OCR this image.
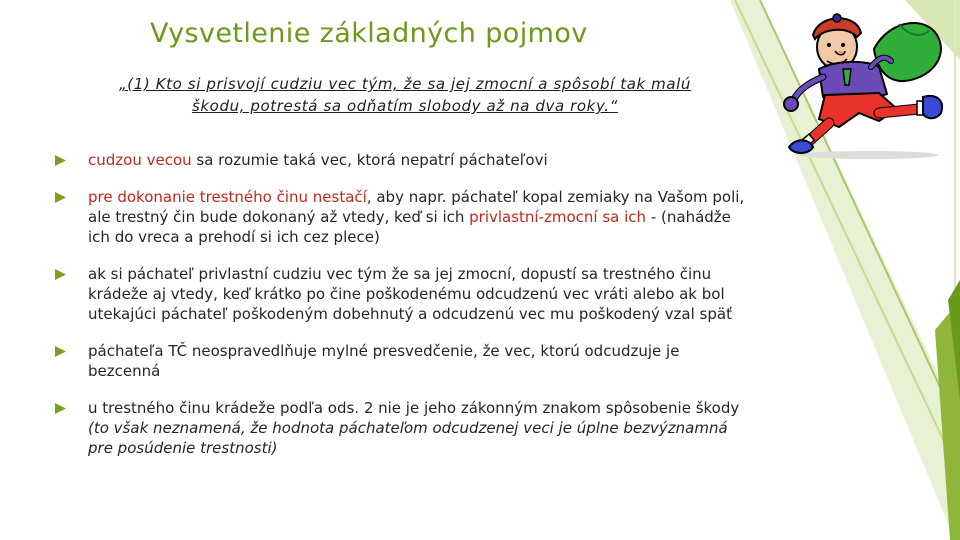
Vysvetlenie základných pojmov
„(1) Kto si prisvojí cudziu vec tým, že sa jej zmocní a spôsobí tak malú
škodu, potrestá sa odňatím slobody až na dva roky.“
cudzou vecou sa rozumie taká vec, ktorá nepatrí páchateľovi
pre dokonanie trestného činu nestačí, aby napr. páchateľ kopal zemiaky na Vašom poli, ale trestný čin bude dokonaný až vtedy, keď si ich privlastní-zmocní sa ich - (nahádže ich do vreca a prehodí si ich cez plece)
ak si páchateľ privlastní cudziu vec tým že sa jej zmocní, dopustí sa trestného činu krádeže aj vtedy, keď krátko po čine poškodenému odcudzenú vec vráti alebo ak bol utekajúci páchateľ poškodeným dobehnutý a odcudzenú vec mu poškodený vzal späť
páchateľa TČ neospravedlňuje mylné presvedčenie, že vec, ktorú odcudzuje je bezcenná
u trestného činu krádeže podľa ods. 2 nie je jeho zákonným znakom spôsobenie škody (to však neznamená, že hodnota páchateľom odcudzenej veci je úplne bezvýznamná pre posúdenie trestnosti)
